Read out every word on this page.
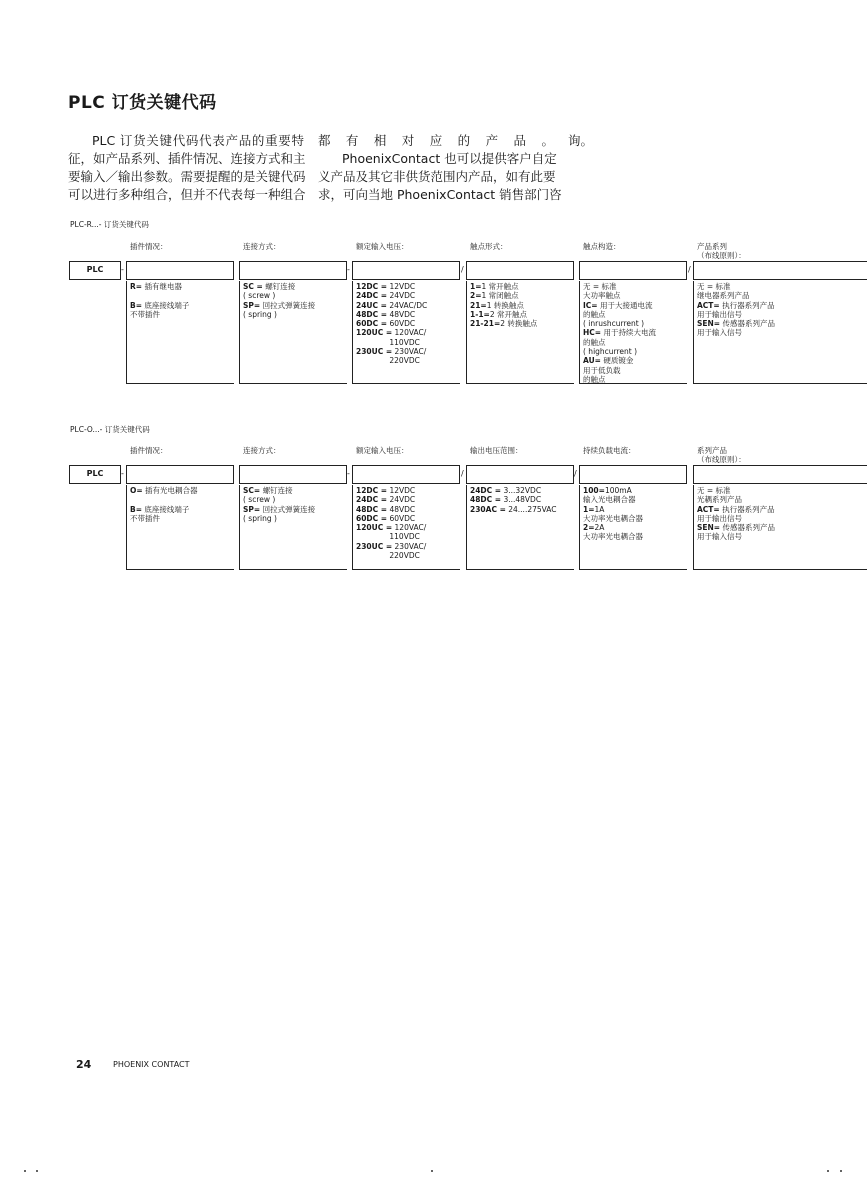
PLC 订货关键代码
PLC 订货关键代码代表产品的重要特
征，如产品系列、插件情况、连接方式和主
要输入／输出参数。需要提醒的是关键代码
可以进行多种组合，但并不代表每一种组合
都有相对应的产品。
PhoenixContact 也可以提供客户自定
义产品及其它非供货范围内产品，如有此要
求，可向当地 PhoenixContact 销售部门咨
询。
PLC-R...- 订货关键代码
PLC
插件情况：
-
R= 插有继电器

B= 底座接线端子
不带插件
连接方式：
SC = 螺钉连接
( screw )
SP= 回拉式弹簧连接
( spring )
额定输入电压：
-
12DC = 12VDC
24DC = 24VDC
24UC = 24VAC/DC
48DC = 48VDC
60DC = 60VDC
120UC = 120VAC/
110VDC
230UC = 230VAC/
220VDC
触点形式：
/
1=1 常开触点
2=1 常闭触点
21=1 转换触点
1-1=2 常开触点
21-21=2 转换触点
触点构造：
无 = 标准
大功率触点
IC= 用于大接通电流
的触点
( inrushcurrent )
HC= 用于持续大电流
的触点
( highcurrent )
AU= 硬质镀金
用于低负载
的触点
产品系列
（布线原则）：
/
无 = 标准
继电器系列产品
ACT= 执行器系列产品
用于输出信号
SEN= 传感器系列产品
用于输入信号
PLC-O...- 订货关键代码
PLC
插件情况：
-
O= 插有光电耦合器

B= 底座接线端子
不带插件
连接方式：
SC= 螺钉连接
( screw )
SP= 回拉式弹簧连接
( spring )
额定输入电压：
-
12DC = 12VDC
24DC = 24VDC
48DC = 48VDC
60DC = 60VDC
120UC = 120VAC/
110VDC
230UC = 230VAC/
220VDC
输出电压范围：
/
24DC = 3...32VDC
48DC = 3...48VDC
230AC = 24....275VAC
持续负载电流：
/
100=100mA
输入光电耦合器
1=1A
大功率光电耦合器
2=2A
大功率光电耦合器
系列产品
（布线原则）：
无 = 标准
光耦系列产品
ACT= 执行器系列产品
用于输出信号
SEN= 传感器系列产品
用于输入信号
24	PHOENIX CONTACT
